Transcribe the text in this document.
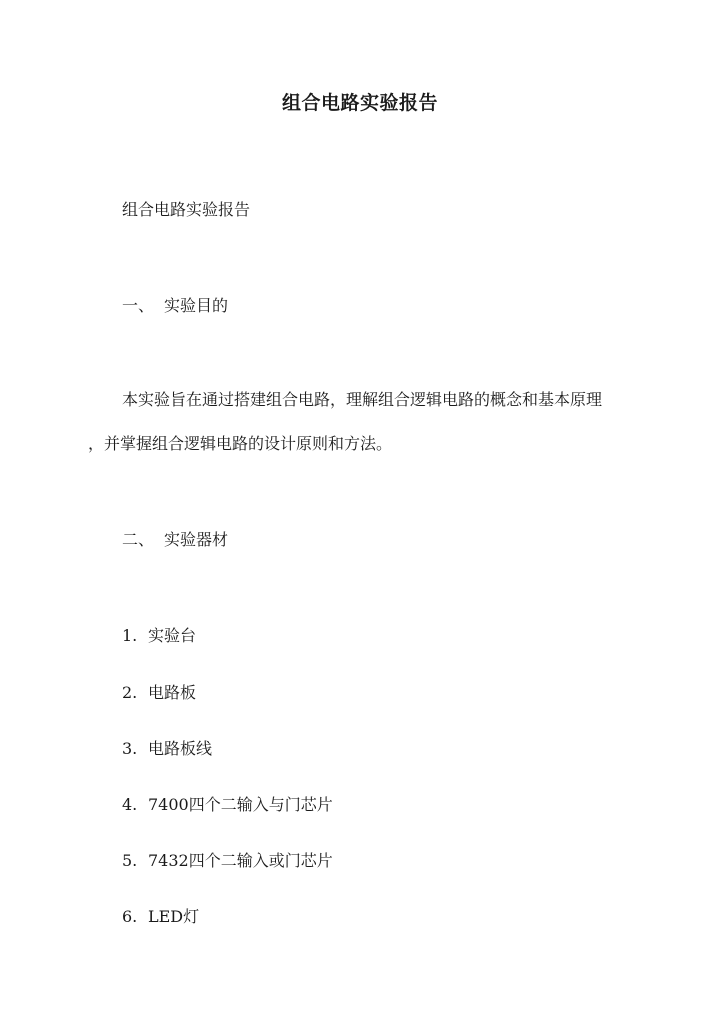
组合电路实验报告
组合电路实验报告
一、 实验目的
本实验旨在通过搭建组合电路，理解组合逻辑电路的概念和基本原理
，并掌握组合逻辑电路的设计原则和方法。
二、 实验器材
1. 实验台
2. 电路板
3. 电路板线
4. 7400四个二输入与门芯片
5. 7432四个二输入或门芯片
6. LED灯
